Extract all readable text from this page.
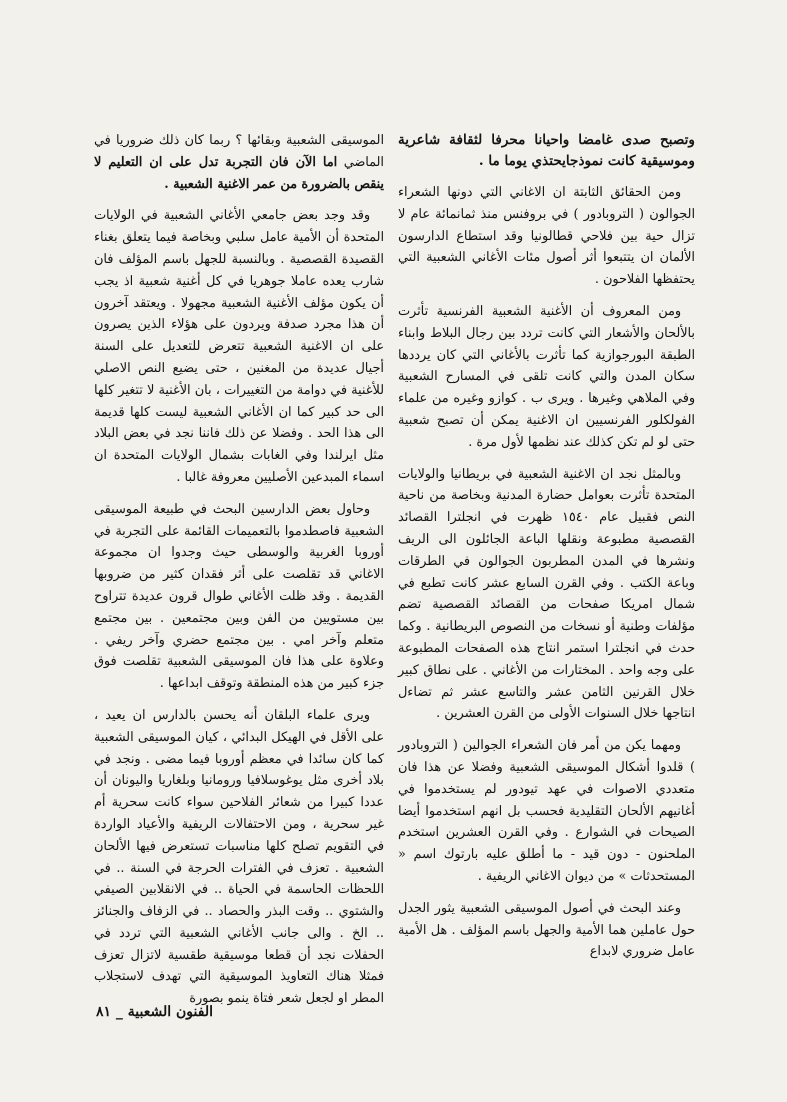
وتصبح صدى غامضا واحيانا محرفا لثقافة شاعرية وموسيقية كانت نموذجايحتذي يوما ما .

ومن الحقائق الثابتة ان الاغاني التي دونها الشعراء الجوالون ( التروبادور ) في بروفنس منذ ثمانمائة عام لا تزال حية بين فلاحي قطالونيا وقد استطاع الدارسون الألمان ان يتتبعوا أثر أصول مئات الأغاني الشعبية التي يحتفظها الفلاحون .

ومن المعروف أن الأغنية الشعبية الفرنسية تأثرت بالألحان والأشعار التي كانت تردد بين رجال البلاط وابناء الطبقة البورجوازية كما تأثرت بالأغاني التي كان يرددها سكان المدن والتي كانت تلقى في المسارح الشعبية وفي الملاهي وغيرها . ويرى ب . كوازو وغيره من علماء الفولكلور الفرنسيين ان الاغنية يمكن أن تصبح شعبية حتى لو لم تكن كذلك عند نظمها لأول مرة .

وبالمثل نجد ان الاغنية الشعبية في بريطانيا والولايات المتحدة تأثرت بعوامل حضارة المدنية وبخاصة من ناحية النص فقبيل عام ١٥٤٠ ظهرت في انجلترا القصائد القصصية مطبوعة ونقلها الباعة الجائلون الى الريف ونشرها في المدن المطربون الجوالون في الطرقات وباعة الكتب . وفي القرن السابع عشر كانت تطبع في شمال امريكا صفحات من القصائد القصصية تضم مؤلفات وطنية أو نسخات من النصوص البريطانية . وكما حدث في انجلترا استمر انتاج هذه الصفحات المطبوعة على وجه واحد . المختارات من الأغاني . على نطاق كبير خلال القرنين الثامن عشر والتاسع عشر ثم تضاءل انتاجها خلال السنوات الأولى من القرن العشرين .

ومهما يكن من أمر فان الشعراء الجوالين ( التروبادور ) قلدوا أشكال الموسيقى الشعبية وفضلا عن هذا فان متعددي الاصوات في عهد تيودور لم يستخدموا في أغانيهم الألحان التقليدية فحسب بل انهم استخدموا أيضا الصيحات في الشوارع . وفي القرن العشرين استخدم الملحنون - دون قيد - ما أطلق عليه بارتوك اسم « المستحدثات » من ديوان الاغاني الريفية .

وعند البحث في أصول الموسيقى الشعبية يثور الجدل حول عاملين هما الأمية والجهل باسم المؤلف . هل الأمية عامل ضروري لابداع

الموسيقى الشعبية وبقائها ؟ ربما كان ذلك ضروريا في الماضي اما الآن فان التجربة تدل على ان التعليم لا ينقص بالضرورة من عمر الاغنية الشعبية .

وقد وجد بعض جامعي الأغاني الشعبية في الولايات المتحدة أن الأمية عامل سلبي وبخاصة فيما يتعلق بغناء القصيدة القصصية . وبالنسبة للجهل باسم المؤلف فان شارب يعده عاملا جوهريا في كل أغنية شعبية اذ يجب أن يكون مؤلف الأغنية الشعبية مجهولا . ويعتقد آخرون أن هذا مجرد صدفة ويردون على هؤلاء الذين يصرون على ان الاغنية الشعبية تتعرض للتعديل على السنة أجيال عديدة من المغنين ، حتى يضيع النص الاصلي للأغنية في دوامة من التغييرات ، بان الأغنية لا تتغير كلها الى حد كبير كما ان الأغاني الشعبية ليست كلها قديمة الى هذا الحد . وفضلا عن ذلك فاننا نجد في بعض البلاد مثل ايرلندا وفي الغابات بشمال الولايات المتحدة ان اسماء المبدعين الأصليين معروفة غالبا .

وحاول بعض الدارسين البحث في طبيعة الموسيقى الشعبية فاصطدموا بالتعميمات القائمة على التجربة في أوروبا الغربية والوسطى حيث وجدوا ان مجموعة الاغاني قد تقلصت على أثر فقدان كثير من ضروبها القديمة . وقد ظلت الأغاني طوال قرون عديدة تتراوح بين مستويين من الفن وبين مجتمعين . بين مجتمع متعلم وآخر امي . بين مجتمع حضري وآخر ريفي . وعلاوة على هذا فان الموسيقى الشعبية تقلصت فوق جزء كبير من هذه المنطقة وتوقف ابداعها .

ويرى علماء البلقان أنه يحسن بالدارس ان يعيد ، على الأقل في الهيكل البدائي ، كيان الموسيقى الشعبية كما كان سائدا في معظم أوروبا فيما مضى . ونجد في بلاد أخرى مثل يوغوسلافيا ورومانيا وبلغاريا واليونان أن عددا كبيرا من شعائر الفلاحين سواء كانت سحرية أم غير سحرية ، ومن الاحتفالات الريفية والأعياد الواردة في التقويم تصلح كلها مناسبات تستعرض فيها الألحان الشعبية . تعزف في الفترات الحرجة في السنة .. في اللحظات الحاسمة في الحياة .. في الانقلابين الصيفي والشتوي .. وقت البذر والحصاد .. في الزفاف والجنائز .. الخ . والى جانب الأغاني الشعبية التي تردد في الحفلات نجد أن قطعا موسيقية طقسية لاتزال تعزف فمثلا هناك التعاويذ الموسيقية التي تهدف لاستجلاب المطر او لجعل شعر فتاة ينمو بصورة

الفنون الشعبية _ ٨١
